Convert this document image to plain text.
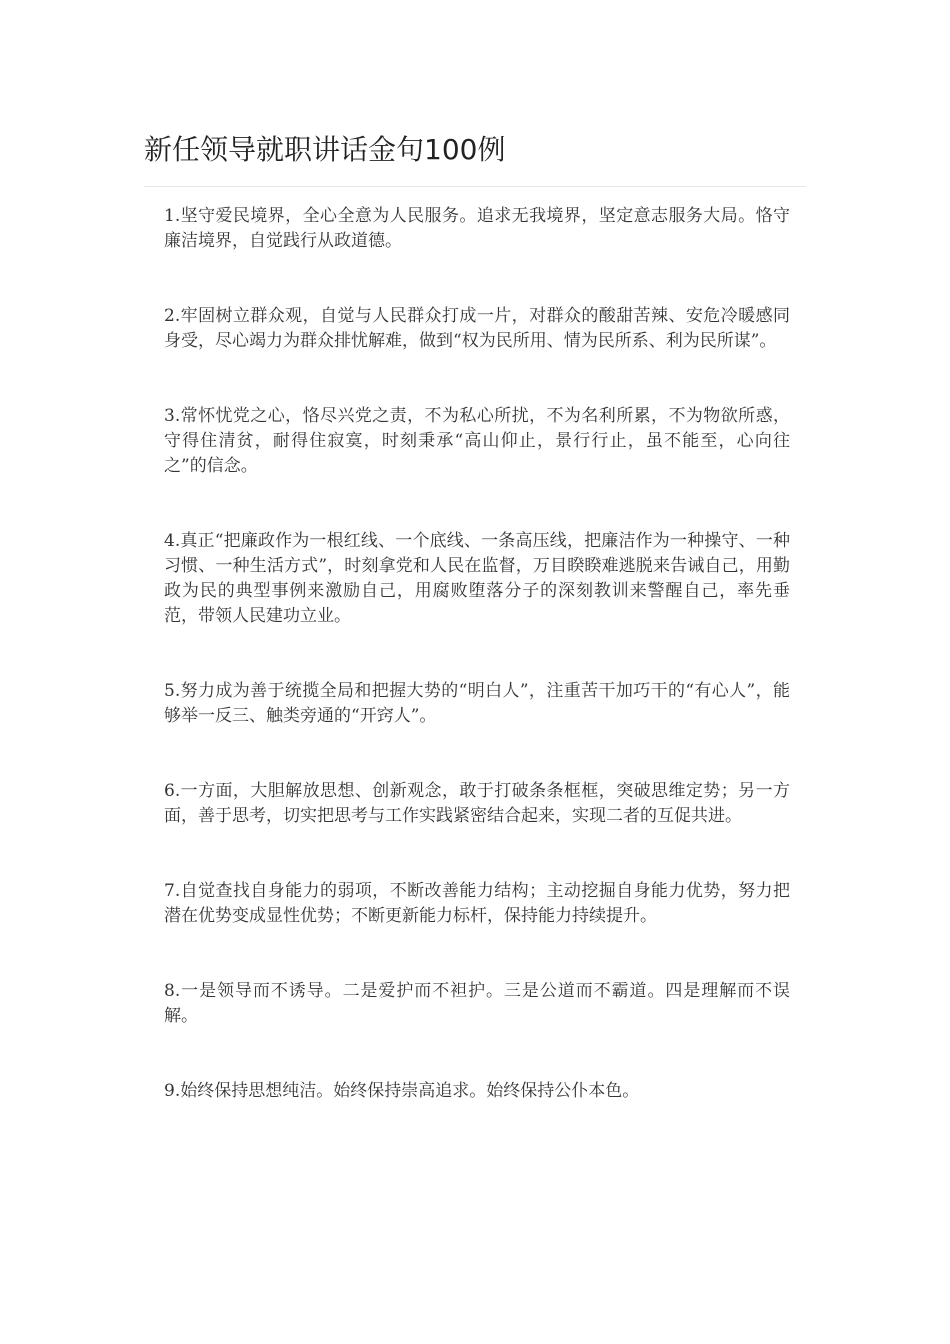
新任领导就职讲话金句100例

1.坚守爱民境界，全心全意为人民服务。追求无我境界，坚定意志服务大局。恪守廉洁境界，自觉践行从政道德。

2.牢固树立群众观，自觉与人民群众打成一片，对群众的酸甜苦辣、安危冷暖感同身受，尽心竭力为群众排忧解难，做到“权为民所用、情为民所系、利为民所谋”。

3.常怀忧党之心，恪尽兴党之责，不为私心所扰，不为名利所累，不为物欲所惑，守得住清贫，耐得住寂寞，时刻秉承“高山仰止，景行行止，虽不能至，心向往之”的信念。

4.真正“把廉政作为一根红线、一个底线、一条高压线，把廉洁作为一种操守、一种习惯、一种生活方式”，时刻拿党和人民在监督，万目睽睽难逃脱来告诫自己，用勤政为民的典型事例来激励自己，用腐败堕落分子的深刻教训来警醒自己，率先垂范，带领人民建功立业。

5.努力成为善于统揽全局和把握大势的“明白人”，注重苦干加巧干的“有心人”，能够举一反三、触类旁通的“开窍人”。

6.一方面，大胆解放思想、创新观念，敢于打破条条框框，突破思维定势；另一方面，善于思考，切实把思考与工作实践紧密结合起来，实现二者的互促共进。

7.自觉查找自身能力的弱项，不断改善能力结构；主动挖掘自身能力优势，努力把潜在优势变成显性优势；不断更新能力标杆，保持能力持续提升。

8.一是领导而不诱导。二是爱护而不袒护。三是公道而不霸道。四是理解而不误解。

9.始终保持思想纯洁。始终保持崇高追求。始终保持公仆本色。
